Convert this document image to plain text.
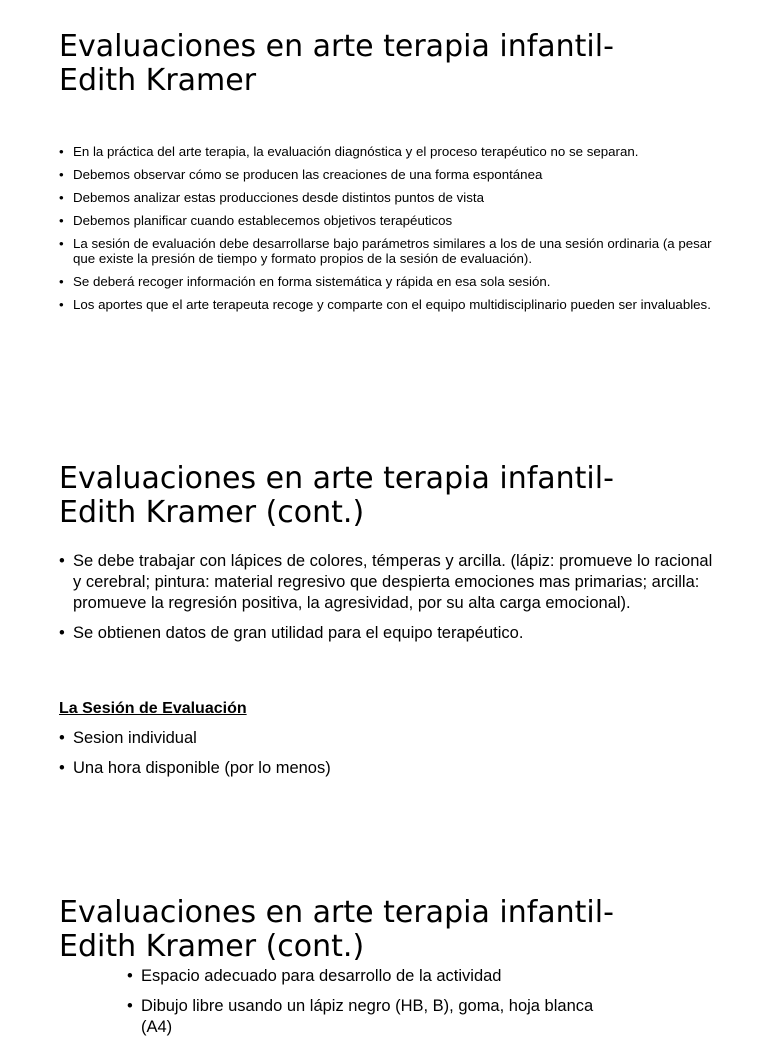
Evaluaciones en arte terapia infantil-
Edith Kramer
• En la práctica del arte terapia, la evaluación diagnóstica y el proceso terapéutico no se separan.
• Debemos observar cómo se producen las creaciones de una forma espontánea
• Debemos analizar estas producciones desde distintos puntos de vista
• Debemos planificar cuando establecemos objetivos terapéuticos
• La sesión de evaluación debe desarrollarse bajo parámetros similares a los de una sesión ordinaria (a pesar que existe la presión de tiempo y formato propios de la sesión de evaluación).
• Se deberá recoger información en forma sistemática y rápida en esa sola sesión.
• Los aportes que el arte terapeuta recoge y comparte con el equipo multidisciplinario pueden ser invaluables.
Evaluaciones en arte terapia infantil-
Edith Kramer (cont.)
• Se debe trabajar con lápices de colores, témperas y arcilla. (lápiz: promueve lo racional y cerebral; pintura: material regresivo que despierta emociones mas primarias; arcilla: promueve la regresión positiva, la agresividad, por su alta carga emocional).
• Se obtienen datos de gran utilidad para el equipo terapéutico.

La Sesión de Evaluación

• Sesion individual
• Una hora disponible (por lo menos)
Evaluaciones en arte terapia infantil-
Edith Kramer (cont.)
• Espacio adecuado para desarrollo de la actividad
• Dibujo libre usando un lápiz negro (HB, B), goma, hoja blanca (A4)
